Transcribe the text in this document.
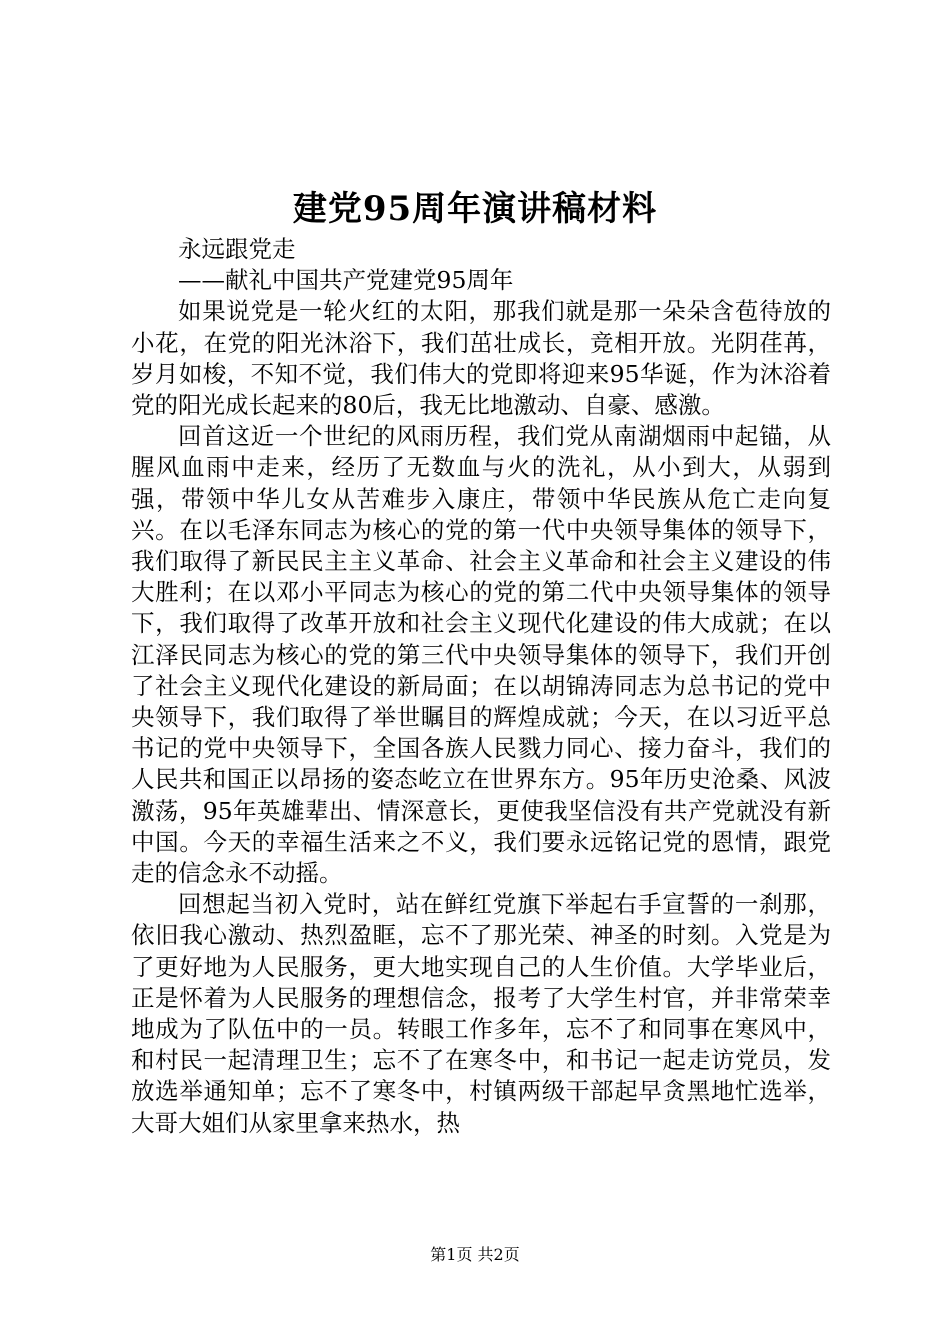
建党95周年演讲稿材料

永远跟党走

——献礼中国共产党建党95周年

如果说党是一轮火红的太阳，那我们就是那一朵朵含苞待放的小花，在党的阳光沐浴下，我们茁壮成长，竞相开放。光阴荏苒，岁月如梭，不知不觉，我们伟大的党即将迎来95华诞，作为沐浴着党的阳光成长起来的80后，我无比地激动、自豪、感激。

回首这近一个世纪的风雨历程，我们党从南湖烟雨中起锚，从腥风血雨中走来，经历了无数血与火的洗礼，从小到大，从弱到强，带领中华儿女从苦难步入康庄，带领中华民族从危亡走向复兴。在以毛泽东同志为核心的党的第一代中央领导集体的领导下，我们取得了新民民主主义革命、社会主义革命和社会主义建设的伟大胜利；在以邓小平同志为核心的党的第二代中央领导集体的领导下，我们取得了改革开放和社会主义现代化建设的伟大成就；在以江泽民同志为核心的党的第三代中央领导集体的领导下，我们开创了社会主义现代化建设的新局面；在以胡锦涛同志为总书记的党中央领导下，我们取得了举世瞩目的辉煌成就；今天，在以习近平总书记的党中央领导下，全国各族人民戮力同心、接力奋斗，我们的人民共和国正以昂扬的姿态屹立在世界东方。95年历史沧桑、风波激荡，95年英雄辈出、情深意长，更使我坚信没有共产党就没有新中国。今天的幸福生活来之不义，我们要永远铭记党的恩情，跟党走的信念永不动摇。

回想起当初入党时，站在鲜红党旗下举起右手宣誓的一刹那，依旧我心激动、热烈盈眶，忘不了那光荣、神圣的时刻。入党是为了更好地为人民服务，更大地实现自己的人生价值。大学毕业后，正是怀着为人民服务的理想信念，报考了大学生村官，并非常荣幸地成为了队伍中的一员。转眼工作多年，忘不了和同事在寒风中，和村民一起清理卫生；忘不了在寒冬中，和书记一起走访党员，发放选举通知单；忘不了寒冬中，村镇两级干部起早贪黑地忙选举，大哥大姐们从家里拿来热水，热

第1页 共2页
